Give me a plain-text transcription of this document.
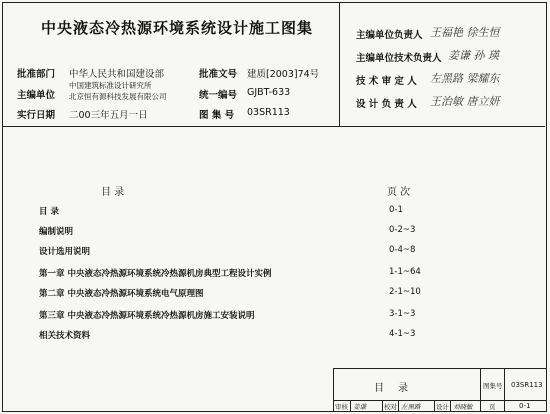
中央液态冷热源环境系统设计施工图集
批准部门 中华人民共和国建设部	批准文号 建质[2003]74号
主编单位
中国建筑标准设计研究所
北京恒有源科技发展有限公司	统一编号 GJBT-633
实行日期 二00三年五月一日	图 集 号 03SR113
主编单位负责人 王福艳 徐生恒
主编单位技术负责人 姜谦 孙 瑛
技 术 审 定 人 左黑路 梁耀东
设 计 负 责 人 王治敏 唐立妍
目 录	页 次
目 录	0-1
编制说明	0-2~3
设计选用说明	0-4~8
第一章 中央液态冷热源环境系统冷热源机房典型工程设计实例	1-1~64
第二章 中央液态冷热源环境系统电气原理图	2-1~10
第三章 中央液态冷热源环境系统冷热源机房施工安装说明	3-1~3
相关技术资料	4-1~3
目录	图集号 03SR113
审核 姜谦	校对 左黑路 设计 刘晓敏	页	0-1
